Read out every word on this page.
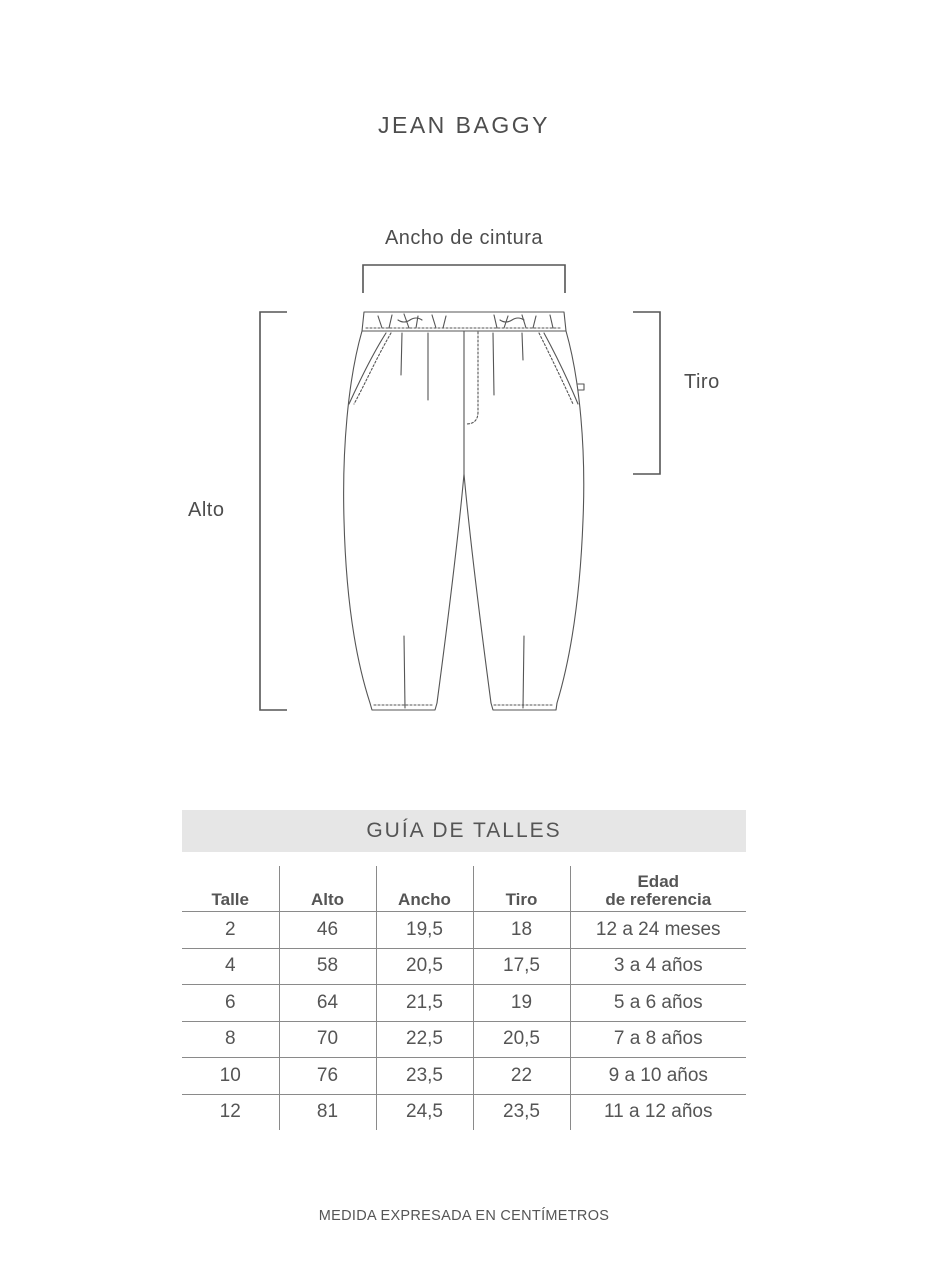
JEAN BAGGY
Ancho de cintura
Tiro
Alto
GUÍA DE TALLES
Talle	Alto	Ancho	Tiro	Edad
de referencia
2	46	19,5	18	12 a 24 meses
4	58	20,5	17,5	3 a 4 años
6	64	21,5	19	5 a 6 años
8	70	22,5	20,5	7 a 8 años
10	76	23,5	22	9 a 10 años
12	81	24,5	23,5	11 a 12 años
MEDIDA EXPRESADA EN CENTÍMETROS
